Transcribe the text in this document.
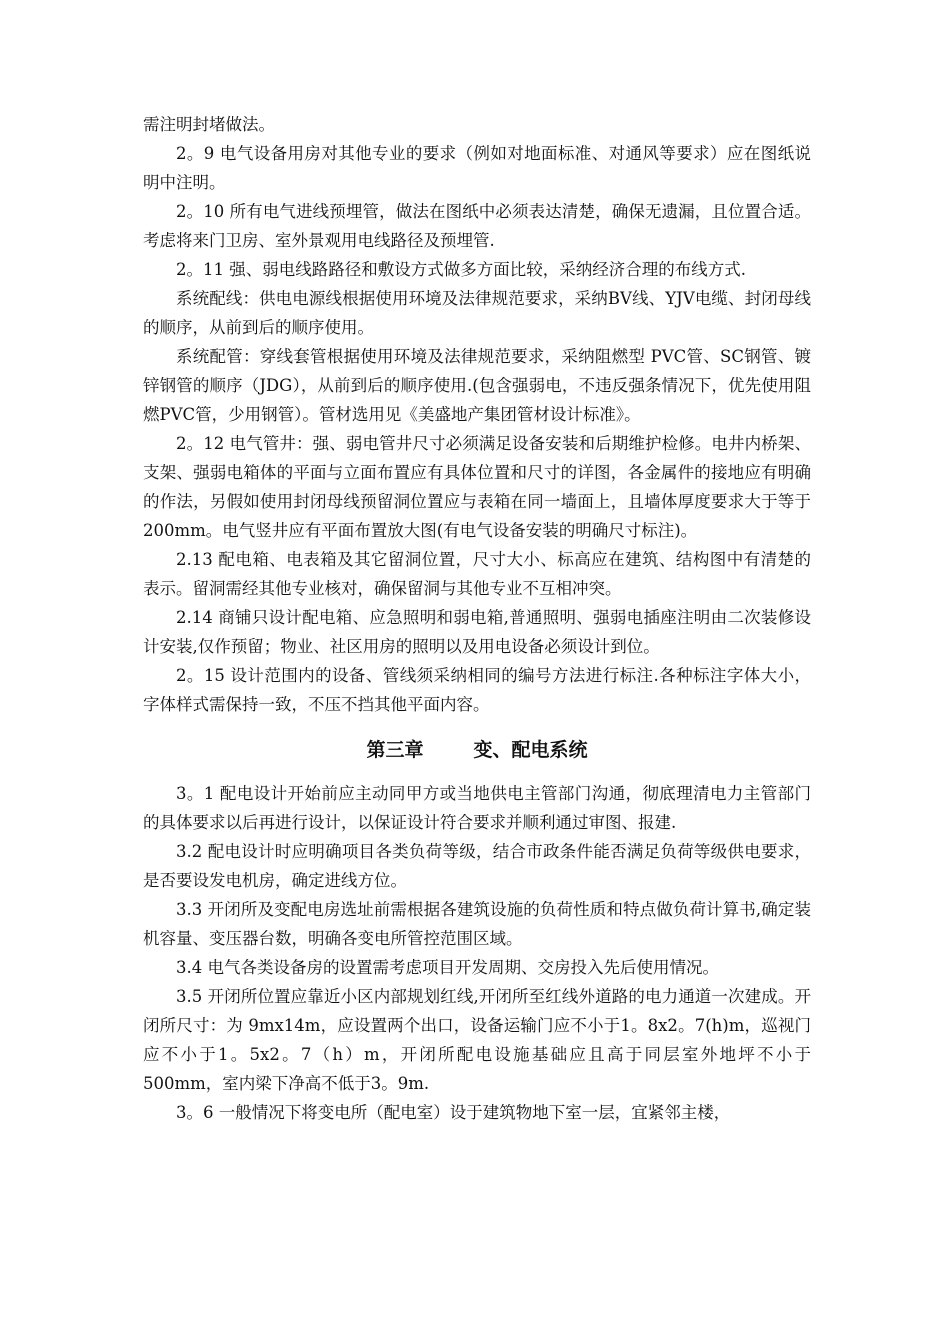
需注明封堵做法。

2。9 电气设备用房对其他专业的要求（例如对地面标准、对通风等要求）应在图纸说明中注明。

2。10 所有电气进线预埋管，做法在图纸中必须表达清楚，确保无遗漏，且位置合适。考虑将来门卫房、室外景观用电线路径及预埋管.

2。11 强、弱电线路路径和敷设方式做多方面比较，采纳经济合理的布线方式.

系统配线：供电电源线根据使用环境及法律规范要求，采纳BV线、YJV电缆、封闭母线的顺序，从前到后的顺序使用。

系统配管：穿线套管根据使用环境及法律规范要求，采纳阻燃型 PVC管、SC钢管、镀锌钢管的顺序（JDG），从前到后的顺序使用.(包含强弱电，不违反强条情况下，优先使用阻燃PVC管，少用钢管）。管材选用见《美盛地产集团管材设计标准》。

2。12 电气管井：强、弱电管井尺寸必须满足设备安装和后期维护检修。电井内桥架、支架、强弱电箱体的平面与立面布置应有具体位置和尺寸的详图，各金属件的接地应有明确的作法，另假如使用封闭母线预留洞位置应与表箱在同一墙面上，且墙体厚度要求大于等于200mm。电气竖井应有平面布置放大图(有电气设备安装的明确尺寸标注)。

2.13 配电箱、电表箱及其它留洞位置，尺寸大小、标高应在建筑、结构图中有清楚的表示。留洞需经其他专业核对，确保留洞与其他专业不互相冲突。

2.14 商铺只设计配电箱、应急照明和弱电箱,普通照明、强弱电插座注明由二次装修设计安装,仅作预留；物业、社区用房的照明以及用电设备必须设计到位。

2。15 设计范围内的设备、管线须采纳相同的编号方法进行标注.各种标注字体大小，字体样式需保持一致，不压不挡其他平面内容。

第三章	变、配电系统

3。1 配电设计开始前应主动同甲方或当地供电主管部门沟通，彻底理清电力主管部门的具体要求以后再进行设计，以保证设计符合要求并顺利通过审图、报建.

3.2 配电设计时应明确项目各类负荷等级，结合市政条件能否满足负荷等级供电要求，是否要设发电机房，确定进线方位。

3.3 开闭所及变配电房选址前需根据各建筑设施的负荷性质和特点做负荷计算书,确定装机容量、变压器台数，明确各变电所管控范围区域。

3.4 电气各类设备房的设置需考虑项目开发周期、交房投入先后使用情况。

3.5 开闭所位置应靠近小区内部规划红线,开闭所至红线外道路的电力通道一次建成。开闭所尺寸：为 9mx14m，应设置两个出口，设备运输门应不小于1。8x2。7(h)m，巡视门应不小于1。5x2。7（h）m，开闭所配电设施基础应且高于同层室外地坪不小于500mm，室内梁下净高不低于3。9m.

3。6 一般情况下将变电所（配电室）设于建筑物地下室一层，宜紧邻主楼，
